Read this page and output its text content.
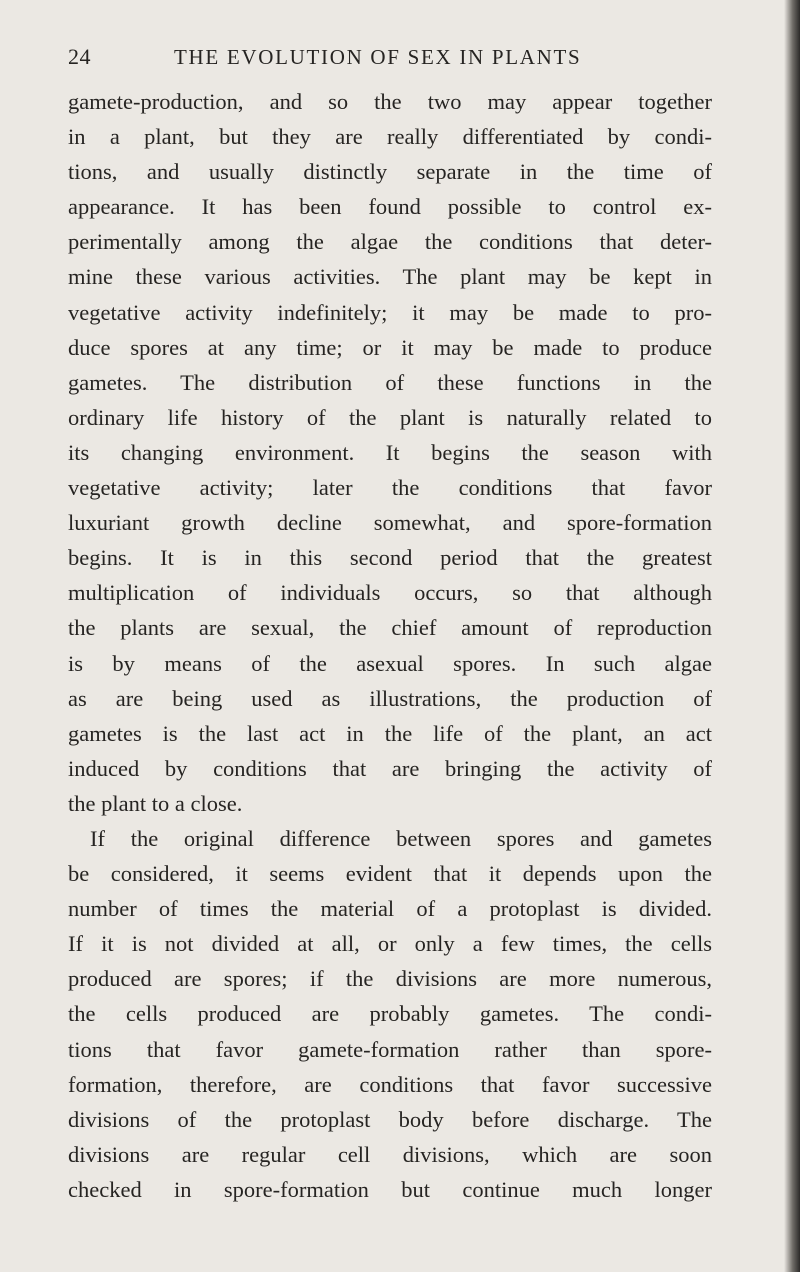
24	THE EVOLUTION OF SEX IN PLANTS
gamete-production, and so the two may appear together
in a plant, but they are really differentiated by condi-
tions, and usually distinctly separate in the time of
appearance. It has been found possible to control ex-
perimentally among the algae the conditions that deter-
mine these various activities. The plant may be kept in
vegetative activity indefinitely; it may be made to pro-
duce spores at any time; or it may be made to produce
gametes. The distribution of these functions in the
ordinary life history of the plant is naturally related to
its changing environment. It begins the season with
vegetative activity; later the conditions that favor
luxuriant growth decline somewhat, and spore-formation
begins. It is in this second period that the greatest
multiplication of individuals occurs, so that although
the plants are sexual, the chief amount of reproduction
is by means of the asexual spores. In such algae
as are being used as illustrations, the production of
gametes is the last act in the life of the plant, an act
induced by conditions that are bringing the activity of
the plant to a close.
If the original difference between spores and gametes
be considered, it seems evident that it depends upon the
number of times the material of a protoplast is divided.
If it is not divided at all, or only a few times, the cells
produced are spores; if the divisions are more numerous,
the cells produced are probably gametes. The condi-
tions that favor gamete-formation rather than spore-
formation, therefore, are conditions that favor successive
divisions of the protoplast body before discharge. The
divisions are regular cell divisions, which are soon
checked in spore-formation but continue much longer
